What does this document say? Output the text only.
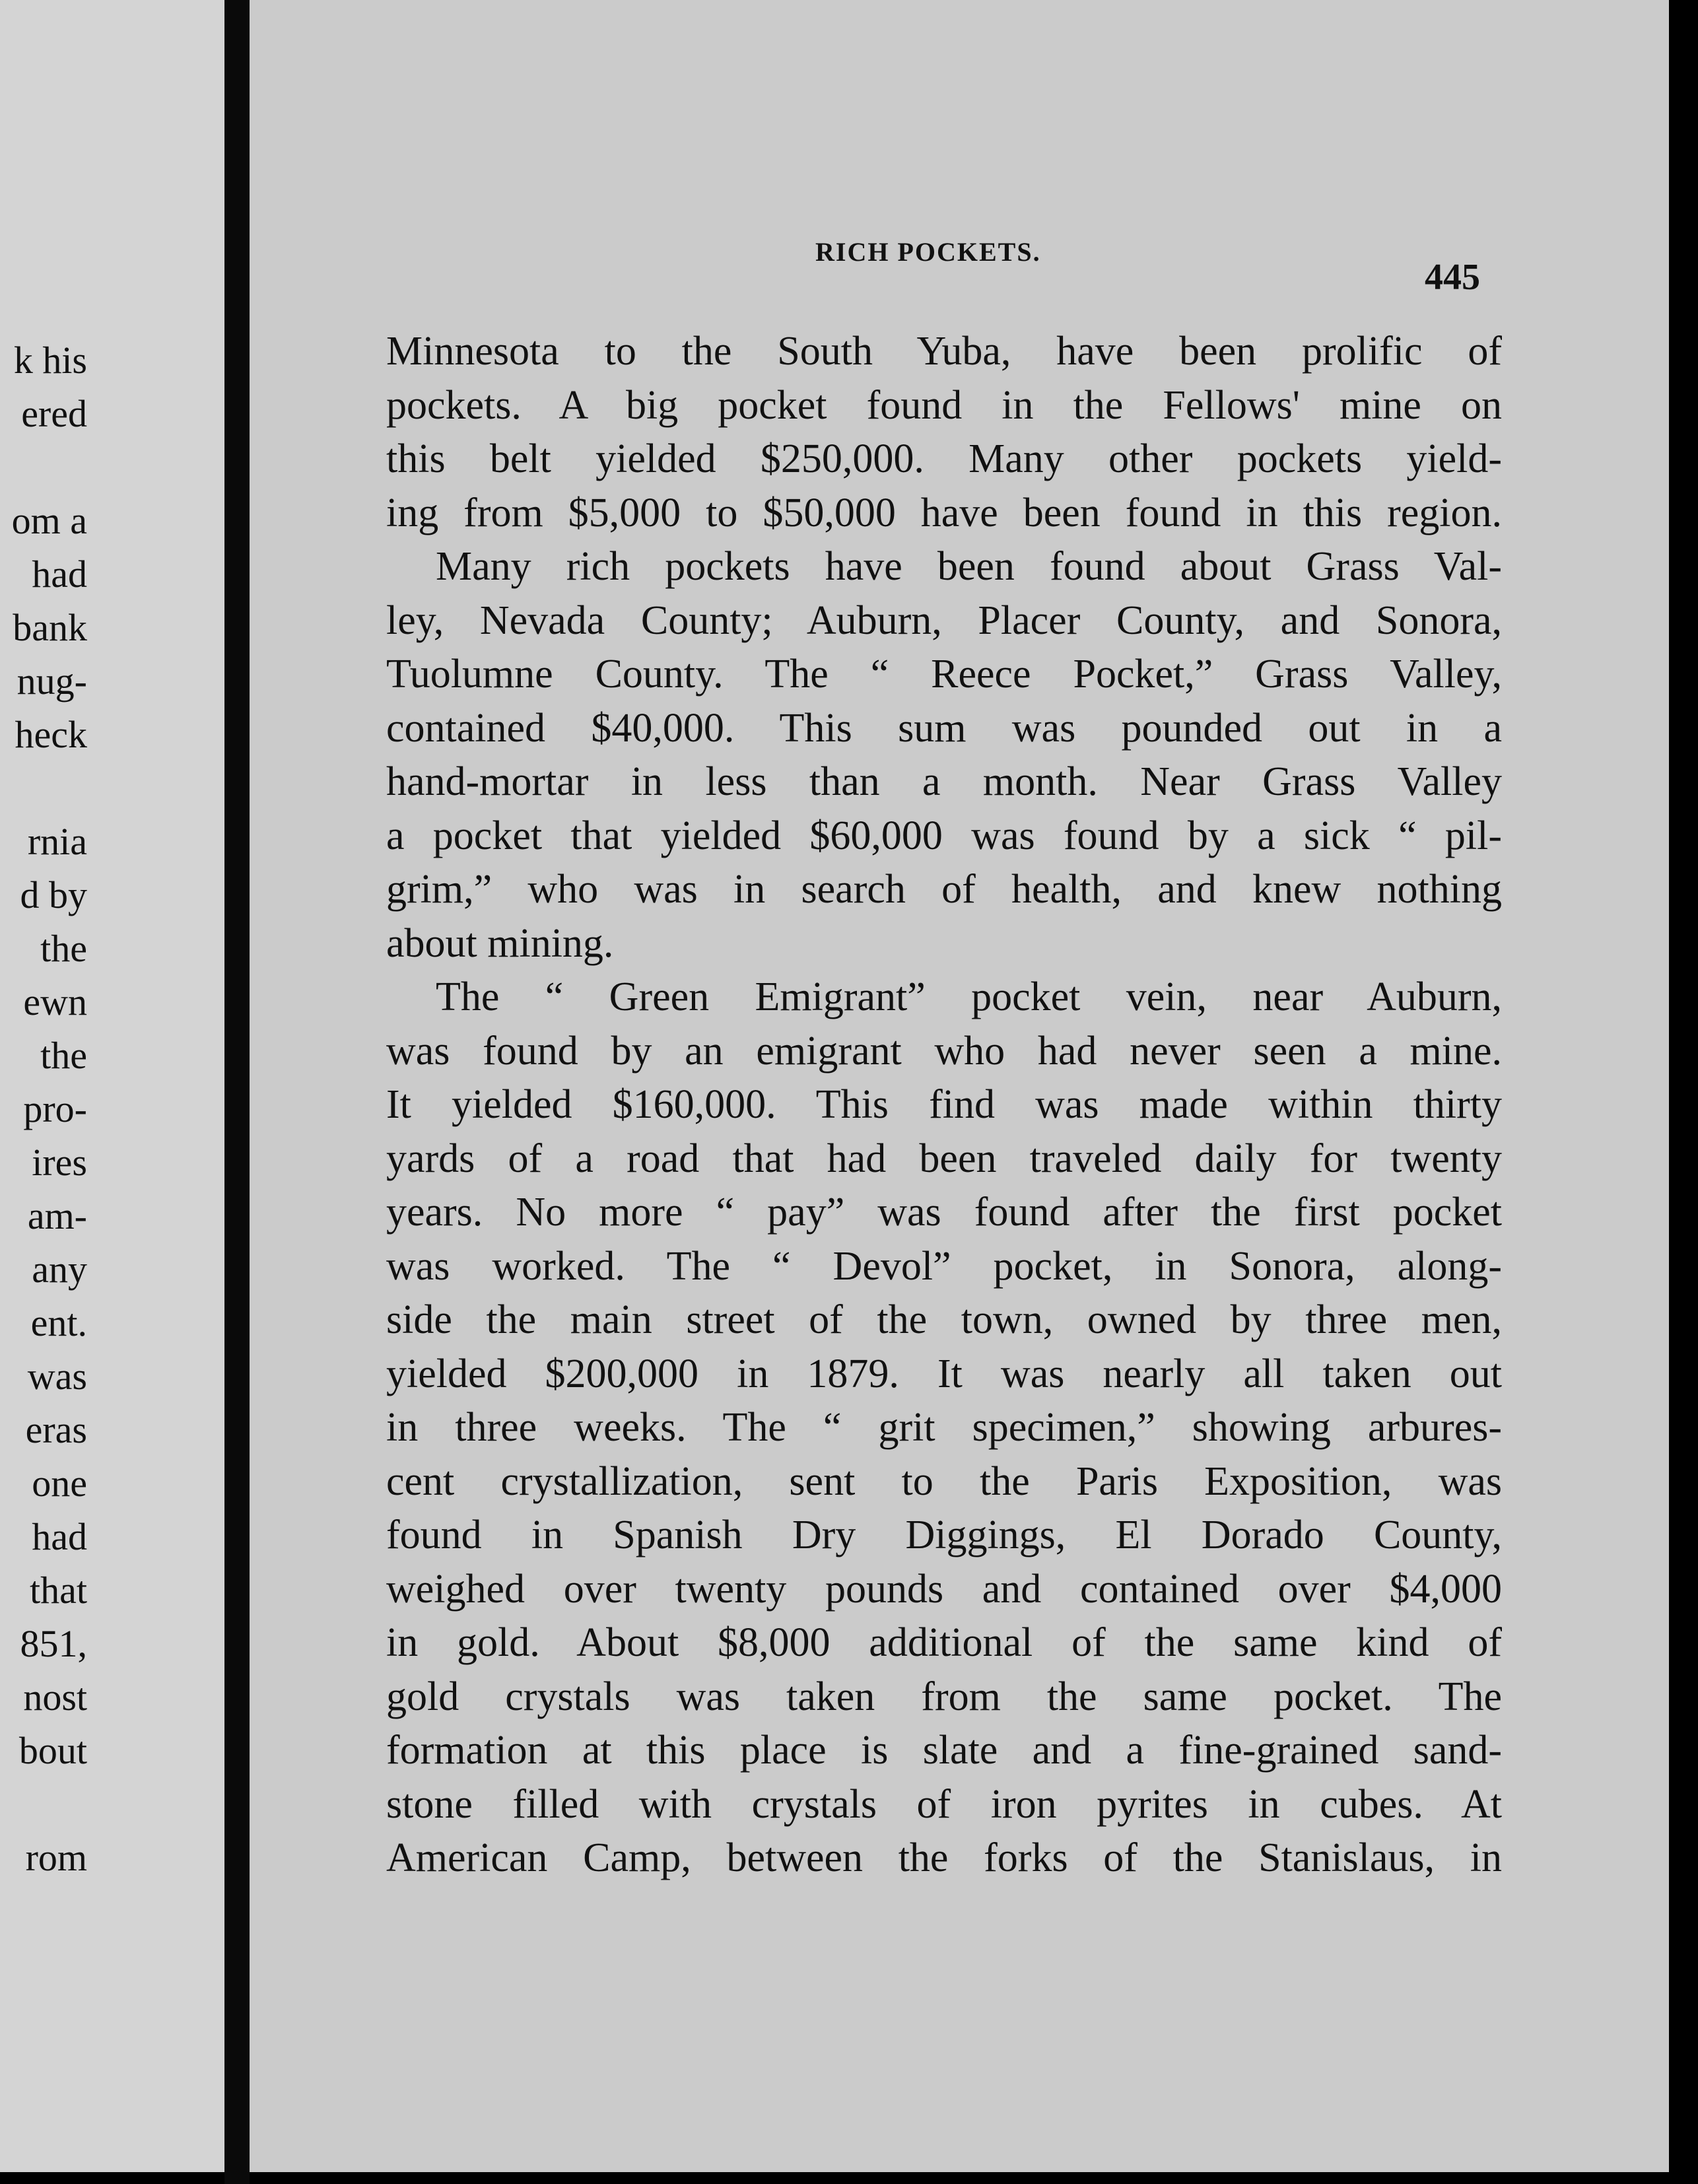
k his
ered
om a
had
bank
nug-
heck
rnia
d by
the
ewn
the
pro-
ires
am-
any
ent.
was
eras
one
had
that
851,
nost
bout
rom
RICH POCKETS.
445
Minnesota to the South Yuba, have been prolific of
pockets. A big pocket found in the Fellows' mine on
this belt yielded $250,000. Many other pockets yield-
ing from $5,000 to $50,000 have been found in this region.
Many rich pockets have been found about Grass Val-
ley, Nevada County; Auburn, Placer County, and Sonora,
Tuolumne County. The “ Reece Pocket,” Grass Valley,
contained $40,000. This sum was pounded out in a
hand-mortar in less than a month. Near Grass Valley
a pocket that yielded $60,000 was found by a sick “ pil-
grim,” who was in search of health, and knew nothing
about mining.
The “ Green Emigrant” pocket vein, near Auburn,
was found by an emigrant who had never seen a mine.
It yielded $160,000. This find was made within thirty
yards of a road that had been traveled daily for twenty
years. No more “ pay” was found after the first pocket
was worked. The “ Devol” pocket, in Sonora, along-
side the main street of the town, owned by three men,
yielded $200,000 in 1879. It was nearly all taken out
in three weeks. The “ grit specimen,” showing arbures-
cent crystallization, sent to the Paris Exposition, was
found in Spanish Dry Diggings, El Dorado County,
weighed over twenty pounds and contained over $4,000
in gold. About $8,000 additional of the same kind of
gold crystals was taken from the same pocket. The
formation at this place is slate and a fine-grained sand-
stone filled with crystals of iron pyrites in cubes. At
American Camp, between the forks of the Stanislaus, in
